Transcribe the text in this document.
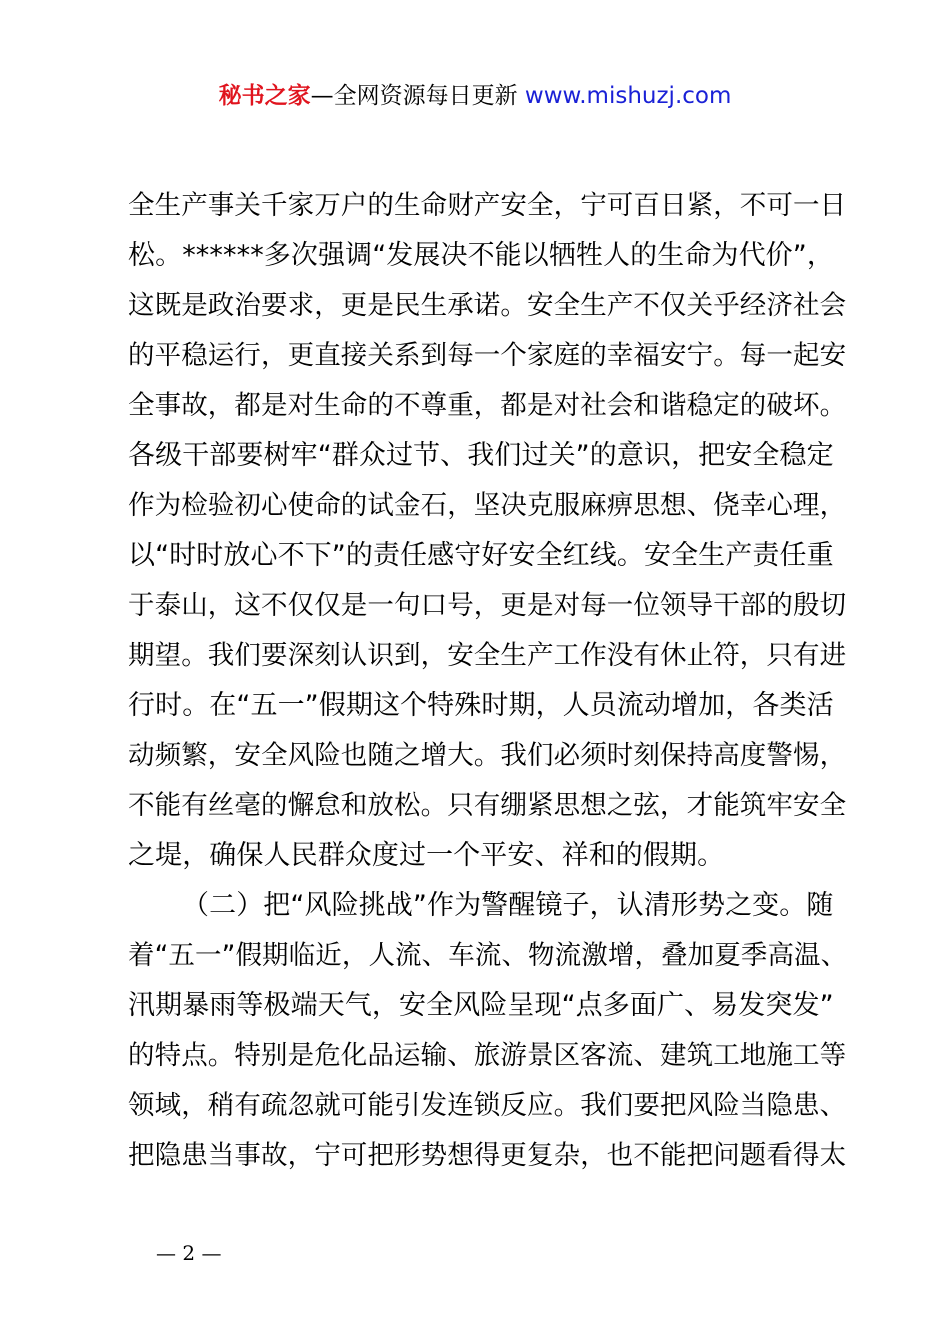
秘书之家—全网资源每日更新 www.mishuzj.com
全生产事关千家万户的生命财产安全，宁可百日紧，不可一日
松。******多次强调“发展决不能以牺牲人的生命为代价”，
这既是政治要求，更是民生承诺。安全生产不仅关乎经济社会
的平稳运行，更直接关系到每一个家庭的幸福安宁。每一起安
全事故，都是对生命的不尊重，都是对社会和谐稳定的破坏。
各级干部要树牢“群众过节、我们过关”的意识，把安全稳定
作为检验初心使命的试金石，坚决克服麻痹思想、侥幸心理，
以“时时放心不下”的责任感守好安全红线。安全生产责任重
于泰山，这不仅仅是一句口号，更是对每一位领导干部的殷切
期望。我们要深刻认识到，安全生产工作没有休止符，只有进
行时。在“五一”假期这个特殊时期，人员流动增加，各类活
动频繁，安全风险也随之增大。我们必须时刻保持高度警惕，
不能有丝毫的懈怠和放松。只有绷紧思想之弦，才能筑牢安全
之堤，确保人民群众度过一个平安、祥和的假期。
（二）把“风险挑战”作为警醒镜子，认清形势之变。随
着“五一”假期临近，人流、车流、物流激增，叠加夏季高温、
汛期暴雨等极端天气，安全风险呈现“点多面广、易发突发”
的特点。特别是危化品运输、旅游景区客流、建筑工地施工等
领域，稍有疏忽就可能引发连锁反应。我们要把风险当隐患、
把隐患当事故，宁可把形势想得更复杂，也不能把问题看得太
— 2 —
